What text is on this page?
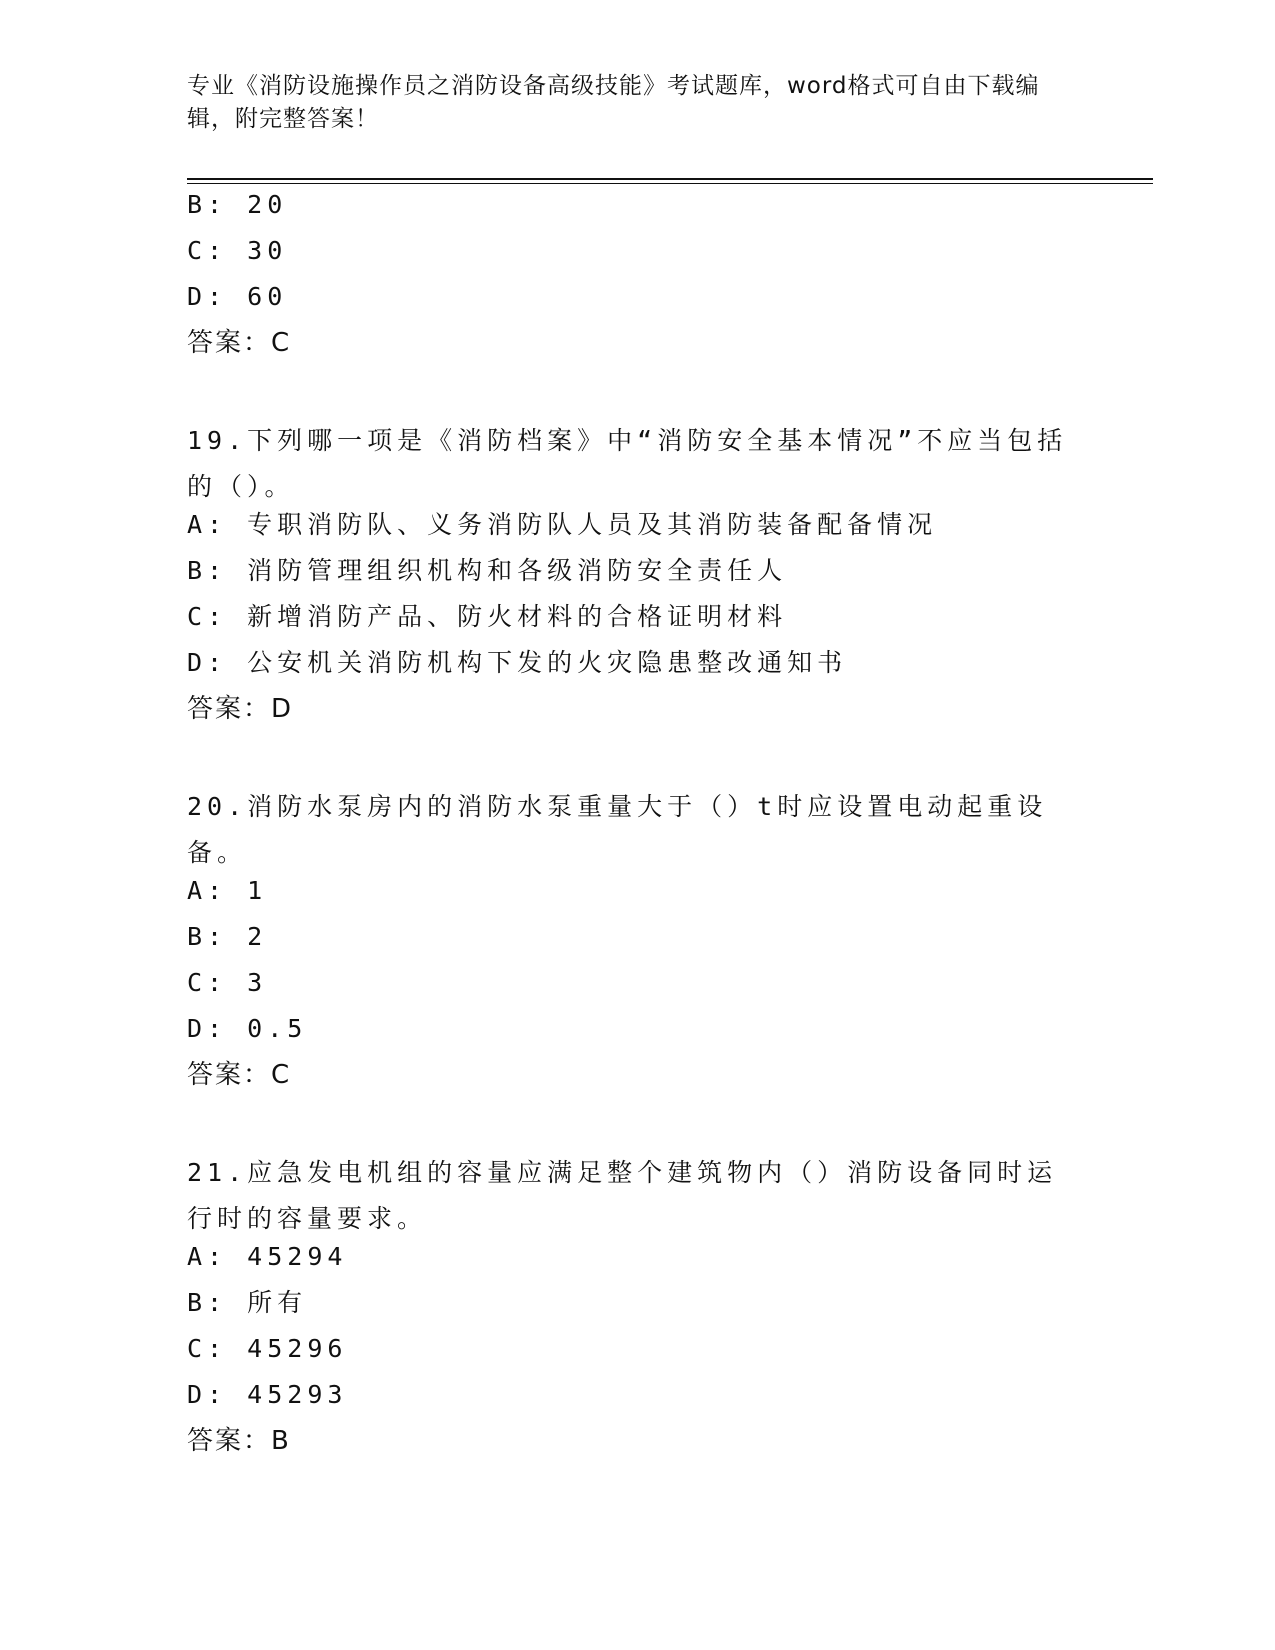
专业《消防设施操作员之消防设备高级技能》考试题库，word格式可自由下载编辑，附完整答案！
B: 20
C: 30
D: 60
答案：C
19.下列哪一项是《消防档案》中“消防安全基本情况”不应当包括的（）。
A: 专职消防队、义务消防队人员及其消防装备配备情况
B: 消防管理组织机构和各级消防安全责任人
C: 新增消防产品、防火材料的合格证明材料
D: 公安机关消防机构下发的火灾隐患整改通知书
答案：D
20.消防水泵房内的消防水泵重量大于（）t时应设置电动起重设备。
A: 1
B: 2
C: 3
D: 0.5
答案：C
21.应急发电机组的容量应满足整个建筑物内（）消防设备同时运行时的容量要求。
A: 45294
B: 所有
C: 45296
D: 45293
答案：B
